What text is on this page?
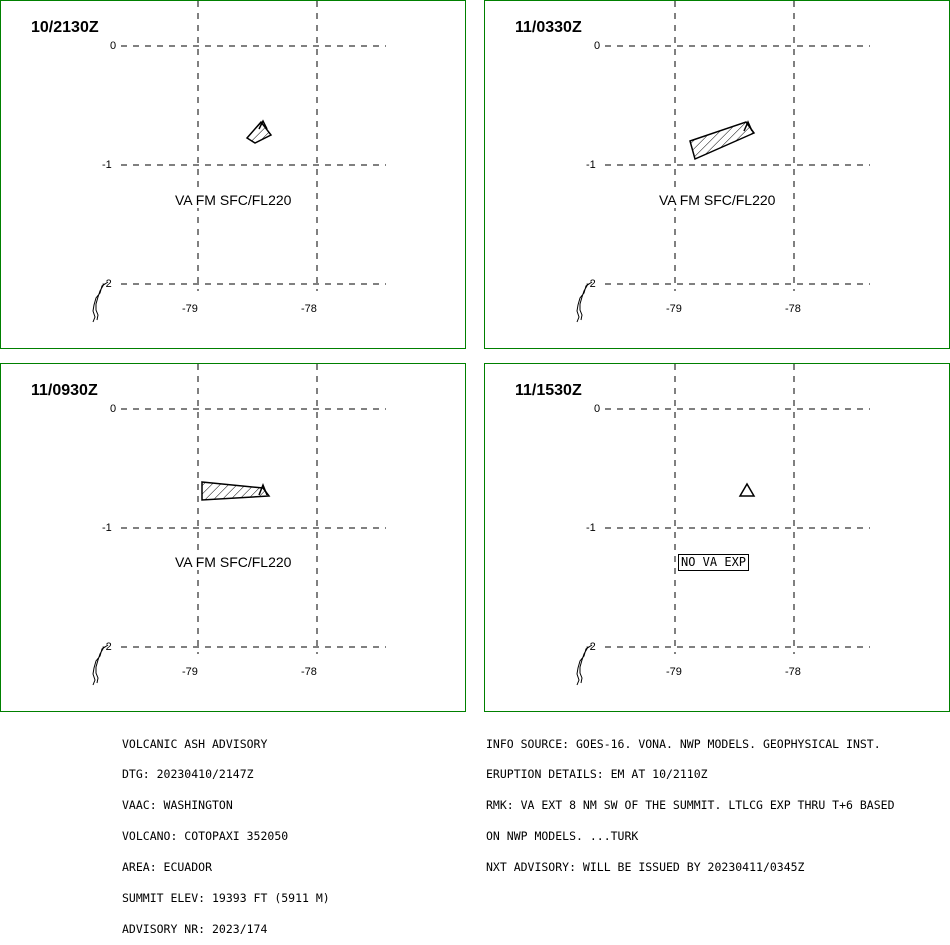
10/2130Z
0
-1
-2
-79	-78
VA FM SFC/FL220
11/0330Z
0
-1
-2
-79	-78
VA FM SFC/FL220
11/0930Z
0
-1
-2
-79	-78
VA FM SFC/FL220
11/1530Z
0
-1
-2
-79	-78
NO VA EXP

VOLCANIC ASH ADVISORY

DTG: 20230410/2147Z

VAAC: WASHINGTON

VOLCANO: COTOPAXI 352050

AREA: ECUADOR

SUMMIT ELEV: 19393 FT (5911 M)

ADVISORY NR: 2023/174

INFO SOURCE: GOES-16. VONA. NWP MODELS. GEOPHYSICAL INST.

ERUPTION DETAILS: EM AT 10/2110Z

RMK: VA EXT 8 NM SW OF THE SUMMIT. LTLCG EXP THRU T+6 BASED

ON NWP MODELS. ...TURK

NXT ADVISORY: WILL BE ISSUED BY 20230411/0345Z
